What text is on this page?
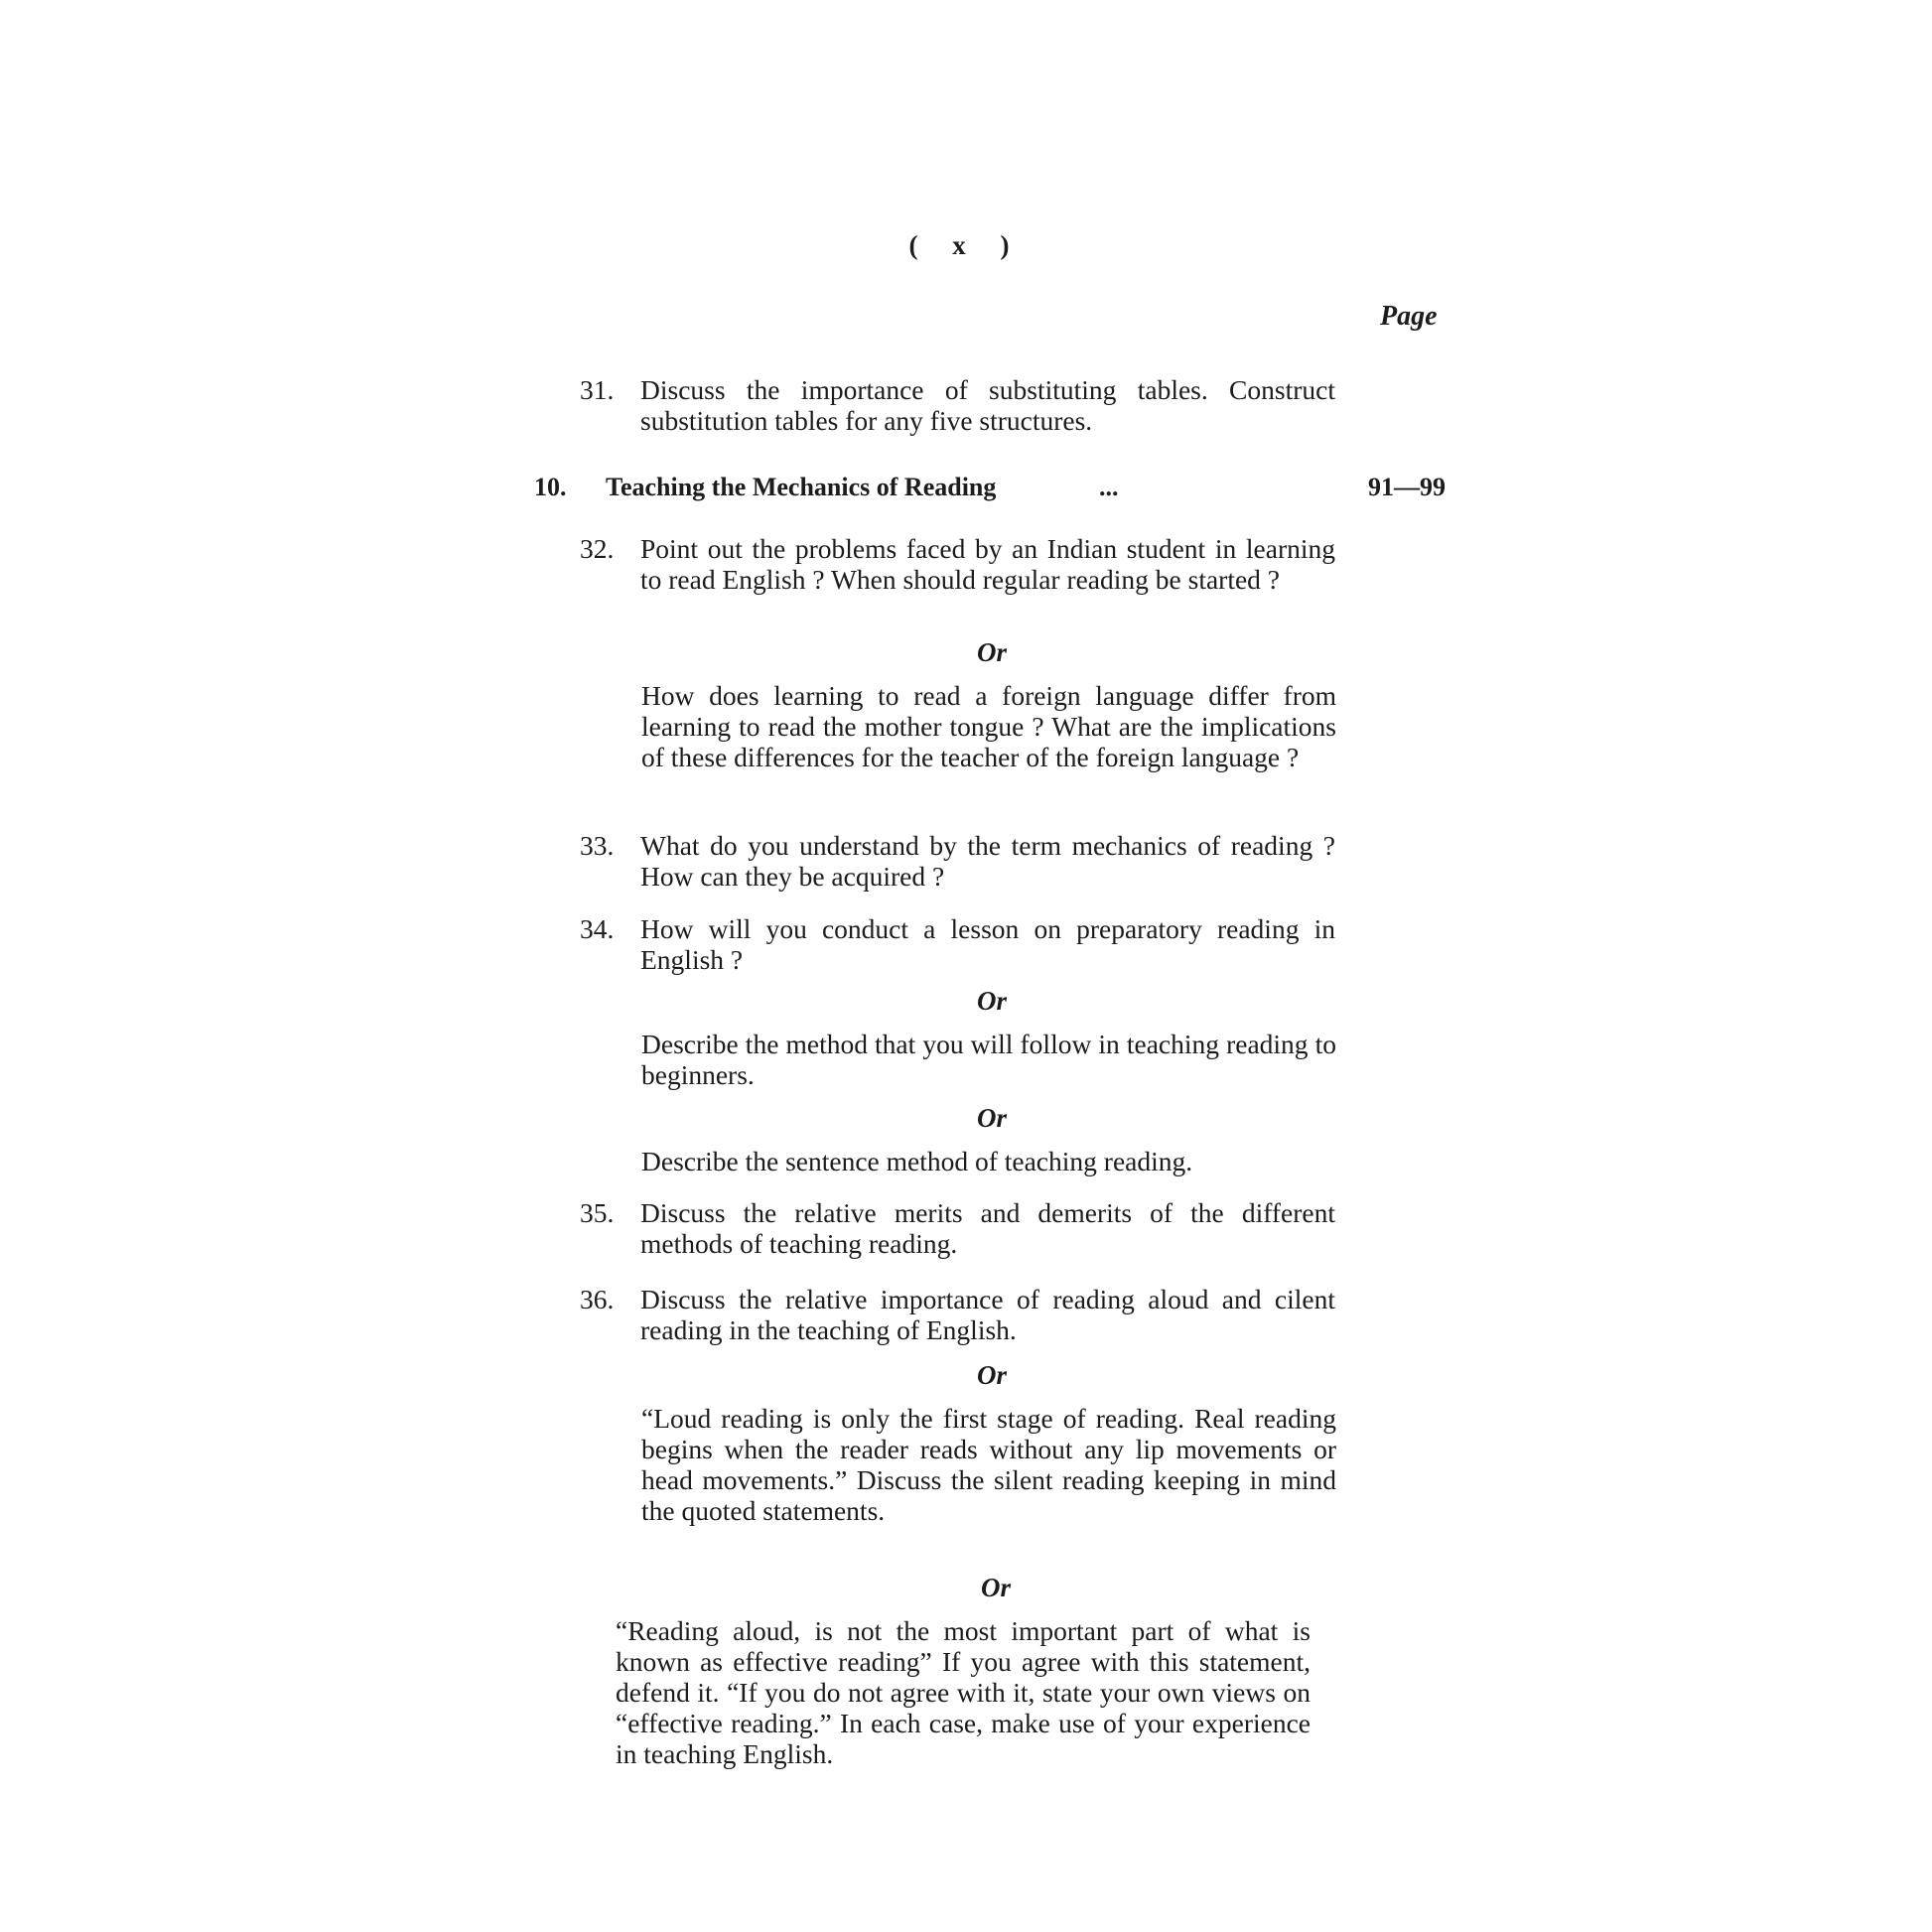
( x )
Page
31. Discuss the importance of substituting tables. Construct substitution tables for any five structures.
10. Teaching the Mechanics of Reading	...	91—99
32. Point out the problems faced by an Indian student in learning to read English ? When should regular reading be started ?
Or
How does learning to read a foreign language differ from learning to read the mother tongue ? What are the implications of these differences for the teacher of the foreign language ?
33. What do you understand by the term mechanics of reading ? How can they be acquired ?
34. How will you conduct a lesson on preparatory reading in English ?
Or
Describe the method that you will follow in teaching reading to beginners.
Or
Describe the sentence method of teaching reading.
35. Discuss the relative merits and demerits of the different methods of teaching reading.
36. Discuss the relative importance of reading aloud and cilent reading in the teaching of English.
Or
“Loud reading is only the first stage of reading. Real reading begins when the reader reads without any lip movements or head movements.” Discuss the silent reading keeping in mind the quoted statements.
Or
“Reading aloud, is not the most important part of what is known as effective reading” If you agree with this statement, defend it. “If you do not agree with it, state your own views on “effective reading.” In each case, make use of your experience in teaching English.
